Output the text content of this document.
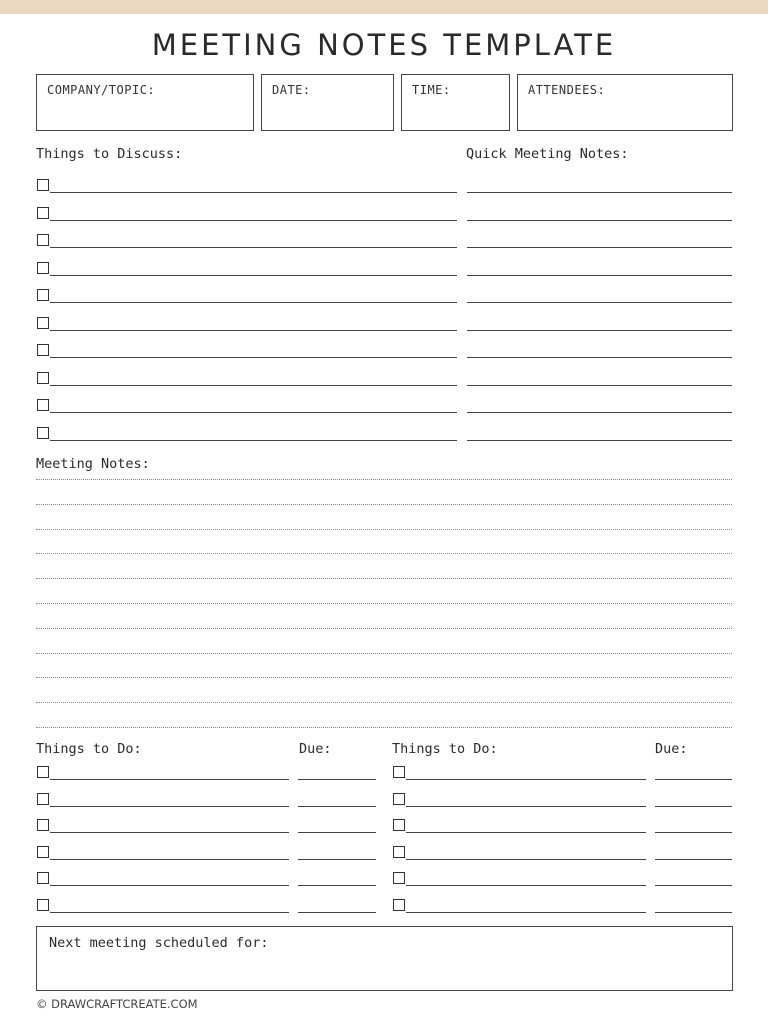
MEETING NOTES TEMPLATE
COMPANY/TOPIC:	DATE:	TIME:	ATTENDEES:
Things to Discuss:	Quick Meeting Notes:
Meeting Notes:
Things to Do:	Due:	Things to Do:	Due:
Next meeting scheduled for:
© DRAWCRAFTCREATE.COM
